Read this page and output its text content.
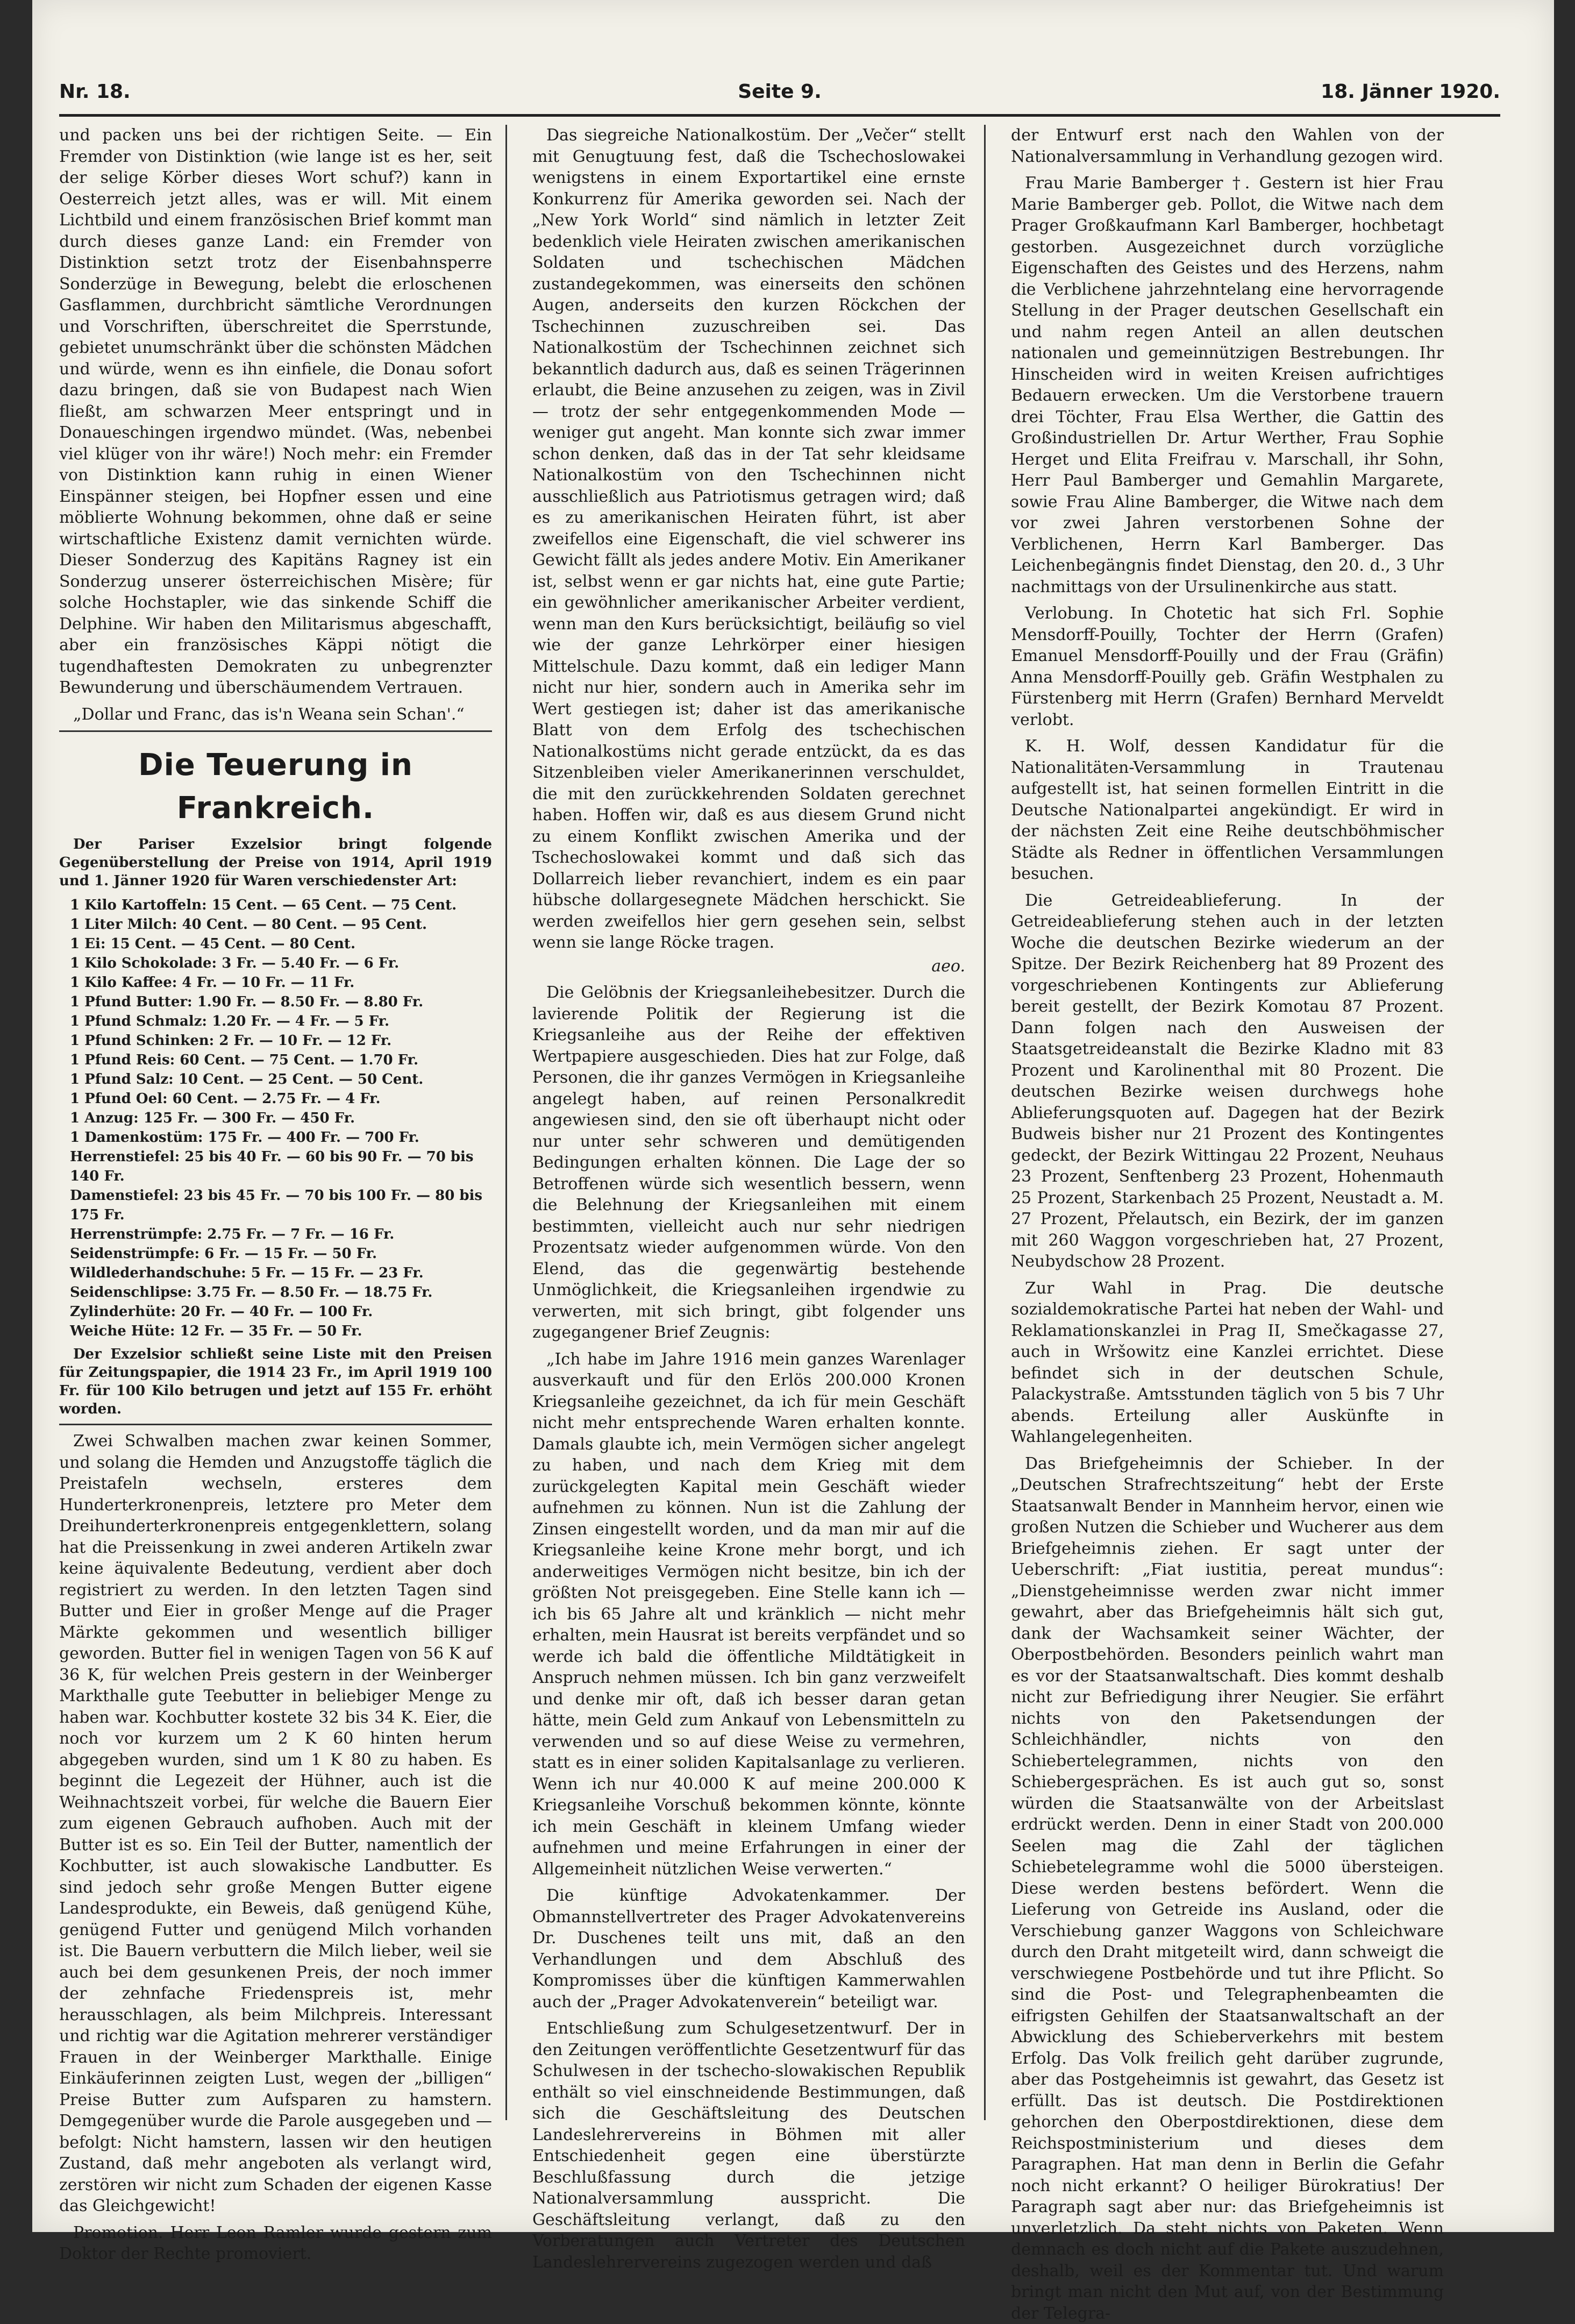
Nr. 18.	Seite 9.	18. Jänner 1920.

und packen uns bei der richtigen Seite. — Ein Fremder von Distinktion (wie lange ist es her, seit der selige Körber dieses Wort schuf?) kann in Oesterreich jetzt alles, was er will. Mit einem Lichtbild und einem französischen Brief kommt man durch dieses ganze Land: ein Fremder von Distinktion setzt trotz der Eisenbahnsperre Sonderzüge in Bewegung, belebt die erloschenen Gasflammen, durchbricht sämtliche Verordnungen und Vorschriften, überschreitet die Sperrstunde, gebietet unumschränkt über die schönsten Mädchen und würde, wenn es ihn einfiele, die Donau sofort dazu bringen, daß sie von Budapest nach Wien fließt, am schwarzen Meer entspringt und in Donaueschingen irgendwo mündet. (Was, nebenbei viel klüger von ihr wäre!) Noch mehr: ein Fremder von Distinktion kann ruhig in einen Wiener Einspänner steigen, bei Hopfner essen und eine möblierte Wohnung bekommen, ohne daß er seine wirtschaftliche Existenz damit vernichten würde. Dieser Sonderzug des Kapitäns Ragney ist ein Sonderzug unserer österreichischen Misère; für solche Hochstapler, wie das sinkende Schiff die Delphine. Wir haben den Militarismus abgeschafft, aber ein französisches Käppi nötigt die tugendhaftesten Demokraten zu unbegrenzter Bewunderung und überschäumendem Vertrauen.

„Dollar und Franc, das is'n Weana sein Schan'.“

Die Teuerung in Frankreich.

Der Pariser Exzelsior bringt folgende Gegenüberstellung der Preise von 1914, April 1919 und 1. Jänner 1920 für Waren verschiedenster Art:

1 Kilo Kartoffeln: 15 Cent. — 65 Cent. — 75 Cent.
1 Liter Milch: 40 Cent. — 80 Cent. — 95 Cent.
1 Ei: 15 Cent. — 45 Cent. — 80 Cent.
1 Kilo Schokolade: 3 Fr. — 5.40 Fr. — 6 Fr.
1 Kilo Kaffee: 4 Fr. — 10 Fr. — 11 Fr.
1 Pfund Butter: 1.90 Fr. — 8.50 Fr. — 8.80 Fr.
1 Pfund Schmalz: 1.20 Fr. — 4 Fr. — 5 Fr.
1 Pfund Schinken: 2 Fr. — 10 Fr. — 12 Fr.
1 Pfund Reis: 60 Cent. — 75 Cent. — 1.70 Fr.
1 Pfund Salz: 10 Cent. — 25 Cent. — 50 Cent.
1 Pfund Oel: 60 Cent. — 2.75 Fr. — 4 Fr.
1 Anzug: 125 Fr. — 300 Fr. — 450 Fr.
1 Damenkostüm: 175 Fr. — 400 Fr. — 700 Fr.
Herrenstiefel: 25 bis 40 Fr. — 60 bis 90 Fr. — 70 bis 140 Fr.
Damenstiefel: 23 bis 45 Fr. — 70 bis 100 Fr. — 80 bis 175 Fr.
Herrenstrümpfe: 2.75 Fr. — 7 Fr. — 16 Fr.
Seidenstrümpfe: 6 Fr. — 15 Fr. — 50 Fr.
Wildlederhandschuhe: 5 Fr. — 15 Fr. — 23 Fr.
Seidenschlipse: 3.75 Fr. — 8.50 Fr. — 18.75 Fr.
Zylinderhüte: 20 Fr. — 40 Fr. — 100 Fr.
Weiche Hüte: 12 Fr. — 35 Fr. — 50 Fr.

Der Exzelsior schließt seine Liste mit den Preisen für Zeitungspapier, die 1914 23 Fr., im April 1919 100 Fr. für 100 Kilo betrugen und jetzt auf 155 Fr. erhöht worden.

Zwei Schwalben machen zwar keinen Sommer, und solang die Hemden und Anzugstoffe täglich die Preistafeln wechseln, ersteres dem Hunderterkronenpreis, letztere pro Meter dem Dreihunderterkronenpreis entgegenklettern, solang hat die Preissenkung in zwei anderen Artikeln zwar keine äquivalente Bedeutung, verdient aber doch registriert zu werden. In den letzten Tagen sind Butter und Eier in großer Menge auf die Prager Märkte gekommen und wesentlich billiger geworden. Butter fiel in wenigen Tagen von 56 K auf 36 K, für welchen Preis gestern in der Weinberger Markthalle gute Teebutter in beliebiger Menge zu haben war. Kochbutter kostete 32 bis 34 K. Eier, die noch vor kurzem um 2 K 60 hinten herum abgegeben wurden, sind um 1 K 80 zu haben. Es beginnt die Legezeit der Hühner, auch ist die Weihnachtszeit vorbei, für welche die Bauern Eier zum eigenen Gebrauch aufhoben. Auch mit der Butter ist es so. Ein Teil der Butter, namentlich der Kochbutter, ist auch slowakische Landbutter. Es sind jedoch sehr große Mengen Butter eigene Landesprodukte, ein Beweis, daß genügend Kühe, genügend Futter und genügend Milch vorhanden ist. Die Bauern verbuttern die Milch lieber, weil sie auch bei dem gesunkenen Preis, der noch immer der zehnfache Friedenspreis ist, mehr herausschlagen, als beim Milchpreis. Interessant und richtig war die Agitation mehrerer verständiger Frauen in der Weinberger Markthalle. Einige Einkäuferinnen zeigten Lust, wegen der „billigen“ Preise Butter zum Aufsparen zu hamstern. Demgegenüber wurde die Parole ausgegeben und — befolgt: Nicht hamstern, lassen wir den heutigen Zustand, daß mehr angeboten als verlangt wird, zerstören wir nicht zum Schaden der eigenen Kasse das Gleichgewicht!

Promotion. Herr Leon Ramler wurde gestern zum Doktor der Rechte promoviert.

Das siegreiche Nationalkostüm. Der „Večer“ stellt mit Genugtuung fest, daß die Tschechoslowakei wenigstens in einem Exportartikel eine ernste Konkurrenz für Amerika geworden sei. Nach der „New York World“ sind nämlich in letzter Zeit bedenklich viele Heiraten zwischen amerikanischen Soldaten und tschechischen Mädchen zustandegekommen, was einerseits den schönen Augen, anderseits den kurzen Röckchen der Tschechinnen zuzuschreiben sei. Das Nationalkostüm der Tschechinnen zeichnet sich bekanntlich dadurch aus, daß es seinen Trägerinnen erlaubt, die Beine anzusehen zu zeigen, was in Zivil — trotz der sehr entgegenkommenden Mode — weniger gut angeht. Man konnte sich zwar immer schon denken, daß das in der Tat sehr kleidsame Nationalkostüm von den Tschechinnen nicht ausschließlich aus Patriotismus getragen wird; daß es zu amerikanischen Heiraten führt, ist aber zweifellos eine Eigenschaft, die viel schwerer ins Gewicht fällt als jedes andere Motiv. Ein Amerikaner ist, selbst wenn er gar nichts hat, eine gute Partie; ein gewöhnlicher amerikanischer Arbeiter verdient, wenn man den Kurs berücksichtigt, beiläufig so viel wie der ganze Lehrkörper einer hiesigen Mittelschule. Dazu kommt, daß ein lediger Mann nicht nur hier, sondern auch in Amerika sehr im Wert gestiegen ist; daher ist das amerikanische Blatt von dem Erfolg des tschechischen Nationalkostüms nicht gerade entzückt, da es das Sitzenbleiben vieler Amerikanerinnen verschuldet, die mit den zurückkehrenden Soldaten gerechnet haben. Hoffen wir, daß es aus diesem Grund nicht zu einem Konflikt zwischen Amerika und der Tschechoslowakei kommt und daß sich das Dollarreich lieber revanchiert, indem es ein paar hübsche dollargesegnete Mädchen herschickt. Sie werden zweifellos hier gern gesehen sein, selbst wenn sie lange Röcke tragen.

aeo.

Die Gelöbnis der Kriegsanleihebesitzer. Durch die lavierende Politik der Regierung ist die Kriegsanleihe aus der Reihe der effektiven Wertpapiere ausgeschieden. Dies hat zur Folge, daß Personen, die ihr ganzes Vermögen in Kriegsanleihe angelegt haben, auf reinen Personalkredit angewiesen sind, den sie oft überhaupt nicht oder nur unter sehr schweren und demütigenden Bedingungen erhalten können. Die Lage der so Betroffenen würde sich wesentlich bessern, wenn die Belehnung der Kriegsanleihen mit einem bestimmten, vielleicht auch nur sehr niedrigen Prozentsatz wieder aufgenommen würde. Von den Elend, das die gegenwärtig bestehende Unmöglichkeit, die Kriegsanleihen irgendwie zu verwerten, mit sich bringt, gibt folgender uns zugegangener Brief Zeugnis:

„Ich habe im Jahre 1916 mein ganzes Warenlager ausverkauft und für den Erlös 200.000 Kronen Kriegsanleihe gezeichnet, da ich für mein Geschäft nicht mehr entsprechende Waren erhalten konnte. Damals glaubte ich, mein Vermögen sicher angelegt zu haben, und nach dem Krieg mit dem zurückgelegten Kapital mein Geschäft wieder aufnehmen zu können. Nun ist die Zahlung der Zinsen eingestellt worden, und da man mir auf die Kriegsanleihe keine Krone mehr borgt, und ich anderweitiges Vermögen nicht besitze, bin ich der größten Not preisgegeben. Eine Stelle kann ich — ich bis 65 Jahre alt und kränklich — nicht mehr erhalten, mein Hausrat ist bereits verpfändet und so werde ich bald die öffentliche Mildtätigkeit in Anspruch nehmen müssen. Ich bin ganz verzweifelt und denke mir oft, daß ich besser daran getan hätte, mein Geld zum Ankauf von Lebensmitteln zu verwenden und so auf diese Weise zu vermehren, statt es in einer soliden Kapitalsanlage zu verlieren. Wenn ich nur 40.000 K auf meine 200.000 K Kriegsanleihe Vorschuß bekommen könnte, könnte ich mein Geschäft in kleinem Umfang wieder aufnehmen und meine Erfahrungen in einer der Allgemeinheit nützlichen Weise verwerten.“

Die künftige Advokatenkammer. Der Obmannstellvertreter des Prager Advokatenvereins Dr. Duschenes teilt uns mit, daß an den Verhandlungen und dem Abschluß des Kompromisses über die künftigen Kammerwahlen auch der „Prager Advokatenverein“ beteiligt war.

Entschließung zum Schulgesetzentwurf. Der in den Zeitungen veröffentlichte Gesetzentwurf für das Schulwesen in der tschecho-slowakischen Republik enthält so viel einschneidende Bestimmungen, daß sich die Geschäftsleitung des Deutschen Landeslehrervereins in Böhmen mit aller Entschiedenheit gegen eine überstürzte Beschlußfassung durch die jetzige Nationalversammlung ausspricht. Die Geschäftsleitung verlangt, daß zu den Vorberatungen auch Vertreter des Deutschen Landeslehrervereins zugezogen werden und daß

der Entwurf erst nach den Wahlen von der Nationalversammlung in Verhandlung gezogen wird.

Frau Marie Bamberger †. Gestern ist hier Frau Marie Bamberger geb. Pollot, die Witwe nach dem Prager Großkaufmann Karl Bamberger, hochbetagt gestorben. Ausgezeichnet durch vorzügliche Eigenschaften des Geistes und des Herzens, nahm die Verblichene jahrzehntelang eine hervorragende Stellung in der Prager deutschen Gesellschaft ein und nahm regen Anteil an allen deutschen nationalen und gemeinnützigen Bestrebungen. Ihr Hinscheiden wird in weiten Kreisen aufrichtiges Bedauern erwecken. Um die Verstorbene trauern drei Töchter, Frau Elsa Werther, die Gattin des Großindustriellen Dr. Artur Werther, Frau Sophie Herget und Elita Freifrau v. Marschall, ihr Sohn, Herr Paul Bamberger und Gemahlin Margarete, sowie Frau Aline Bamberger, die Witwe nach dem vor zwei Jahren verstorbenen Sohne der Verblichenen, Herrn Karl Bamberger. Das Leichenbegängnis findet Dienstag, den 20. d., 3 Uhr nachmittags von der Ursulinenkirche aus statt.

Verlobung. In Chotetic hat sich Frl. Sophie Mensdorff-Pouilly, Tochter der Herrn (Grafen) Emanuel Mensdorff-Pouilly und der Frau (Gräfin) Anna Mensdorff-Pouilly geb. Gräfin Westphalen zu Fürstenberg mit Herrn (Grafen) Bernhard Merveldt verlobt.

K. H. Wolf, dessen Kandidatur für die Nationalitäten-Versammlung in Trautenau aufgestellt ist, hat seinen formellen Eintritt in die Deutsche Nationalpartei angekündigt. Er wird in der nächsten Zeit eine Reihe deutschböhmischer Städte als Redner in öffentlichen Versammlungen besuchen.

Die Getreideablieferung. In der Getreideablieferung stehen auch in der letzten Woche die deutschen Bezirke wiederum an der Spitze. Der Bezirk Reichenberg hat 89 Prozent des vorgeschriebenen Kontingents zur Ablieferung bereit gestellt, der Bezirk Komotau 87 Prozent. Dann folgen nach den Ausweisen der Staatsgetreideanstalt die Bezirke Kladno mit 83 Prozent und Karolinenthal mit 80 Prozent. Die deutschen Bezirke weisen durchwegs hohe Ablieferungsquoten auf. Dagegen hat der Bezirk Budweis bisher nur 21 Prozent des Kontingentes gedeckt, der Bezirk Wittingau 22 Prozent, Neuhaus 23 Prozent, Senftenberg 23 Prozent, Hohenmauth 25 Prozent, Starkenbach 25 Prozent, Neustadt a. M. 27 Prozent, Přelautsch, ein Bezirk, der im ganzen mit 260 Waggon vorgeschrieben hat, 27 Prozent, Neubydschow 28 Prozent.

Zur Wahl in Prag. Die deutsche sozialdemokratische Partei hat neben der Wahl- und Reklamationskanzlei in Prag II, Smečkagasse 27, auch in Wršowitz eine Kanzlei errichtet. Diese befindet sich in der deutschen Schule, Palackystraße. Amtsstunden täglich von 5 bis 7 Uhr abends. Erteilung aller Auskünfte in Wahlangelegenheiten.

Das Briefgeheimnis der Schieber. In der „Deutschen Strafrechtszeitung“ hebt der Erste Staatsanwalt Bender in Mannheim hervor, einen wie großen Nutzen die Schieber und Wucherer aus dem Briefgeheimnis ziehen. Er sagt unter der Ueberschrift: „Fiat iustitia, pereat mundus“: „Dienstgeheimnisse werden zwar nicht immer gewahrt, aber das Briefgeheimnis hält sich gut, dank der Wachsamkeit seiner Wächter, der Oberpostbehörden. Besonders peinlich wahrt man es vor der Staatsanwaltschaft. Dies kommt deshalb nicht zur Befriedigung ihrer Neugier. Sie erfährt nichts von den Paketsendungen der Schleichhändler, nichts von den Schiebertelegrammen, nichts von den Schiebergesprächen. Es ist auch gut so, sonst würden die Staatsanwälte von der Arbeitslast erdrückt werden. Denn in einer Stadt von 200.000 Seelen mag die Zahl der täglichen Schiebetelegramme wohl die 5000 übersteigen. Diese werden bestens befördert. Wenn die Lieferung von Getreide ins Ausland, oder die Verschiebung ganzer Waggons von Schleichware durch den Draht mitgeteilt wird, dann schweigt die verschwiegene Postbehörde und tut ihre Pflicht. So sind die Post- und Telegraphenbeamten die eifrigsten Gehilfen der Staatsanwaltschaft an der Abwicklung des Schieberverkehrs mit bestem Erfolg. Das Volk freilich geht darüber zugrunde, aber das Postgeheimnis ist gewahrt, das Gesetz ist erfüllt. Das ist deutsch. Die Postdirektionen gehorchen den Oberpostdirektionen, diese dem Reichspostministerium und dieses dem Paragraphen. Hat man denn in Berlin die Gefahr noch nicht erkannt? O heiliger Bürokratius! Der Paragraph sagt aber nur: das Briefgeheimnis ist unverletzlich. Da steht nichts von Paketen. Wenn demnach es doch nicht auf die Pakete auszudehnen, deshalb, weil es der Kommentar tut. Und warum bringt man nicht den Mut auf, von der Bestimmung der Telegra-
